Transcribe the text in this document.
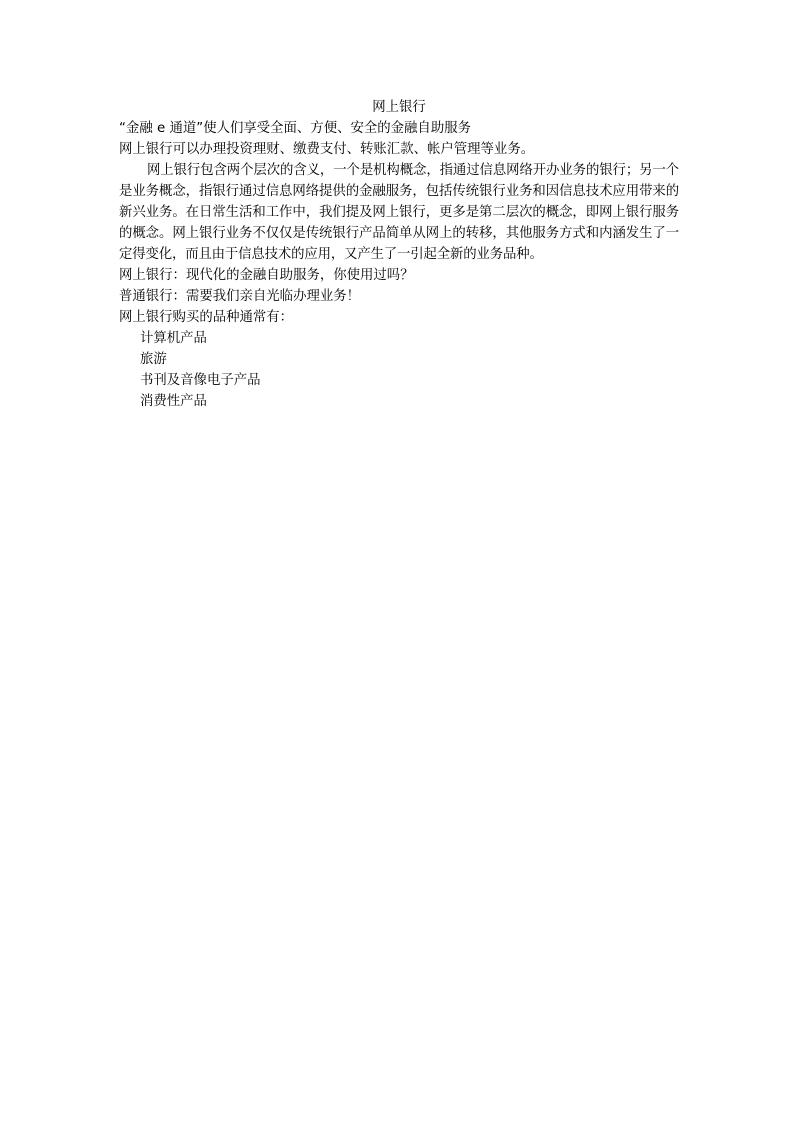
网上银行

“金融 e 通道”使人们享受全面、方便、安全的金融自助服务

网上银行可以办理投资理财、缴费支付、转账汇款、帐户管理等业务。

网上银行包含两个层次的含义，一个是机构概念，指通过信息网络开办业务的银行；另一个是业务概念，指银行通过信息网络提供的金融服务，包括传统银行业务和因信息技术应用带来的新兴业务。在日常生活和工作中，我们提及网上银行，更多是第二层次的概念，即网上银行服务的概念。网上银行业务不仅仅是传统银行产品简单从网上的转移，其他服务方式和内涵发生了一定得变化，而且由于信息技术的应用，又产生了一引起全新的业务品种。

网上银行：现代化的金融自助服务，你使用过吗？

普通银行：需要我们亲自光临办理业务！

网上银行购买的品种通常有：

计算机产品
旅游
书刊及音像电子产品
消费性产品
